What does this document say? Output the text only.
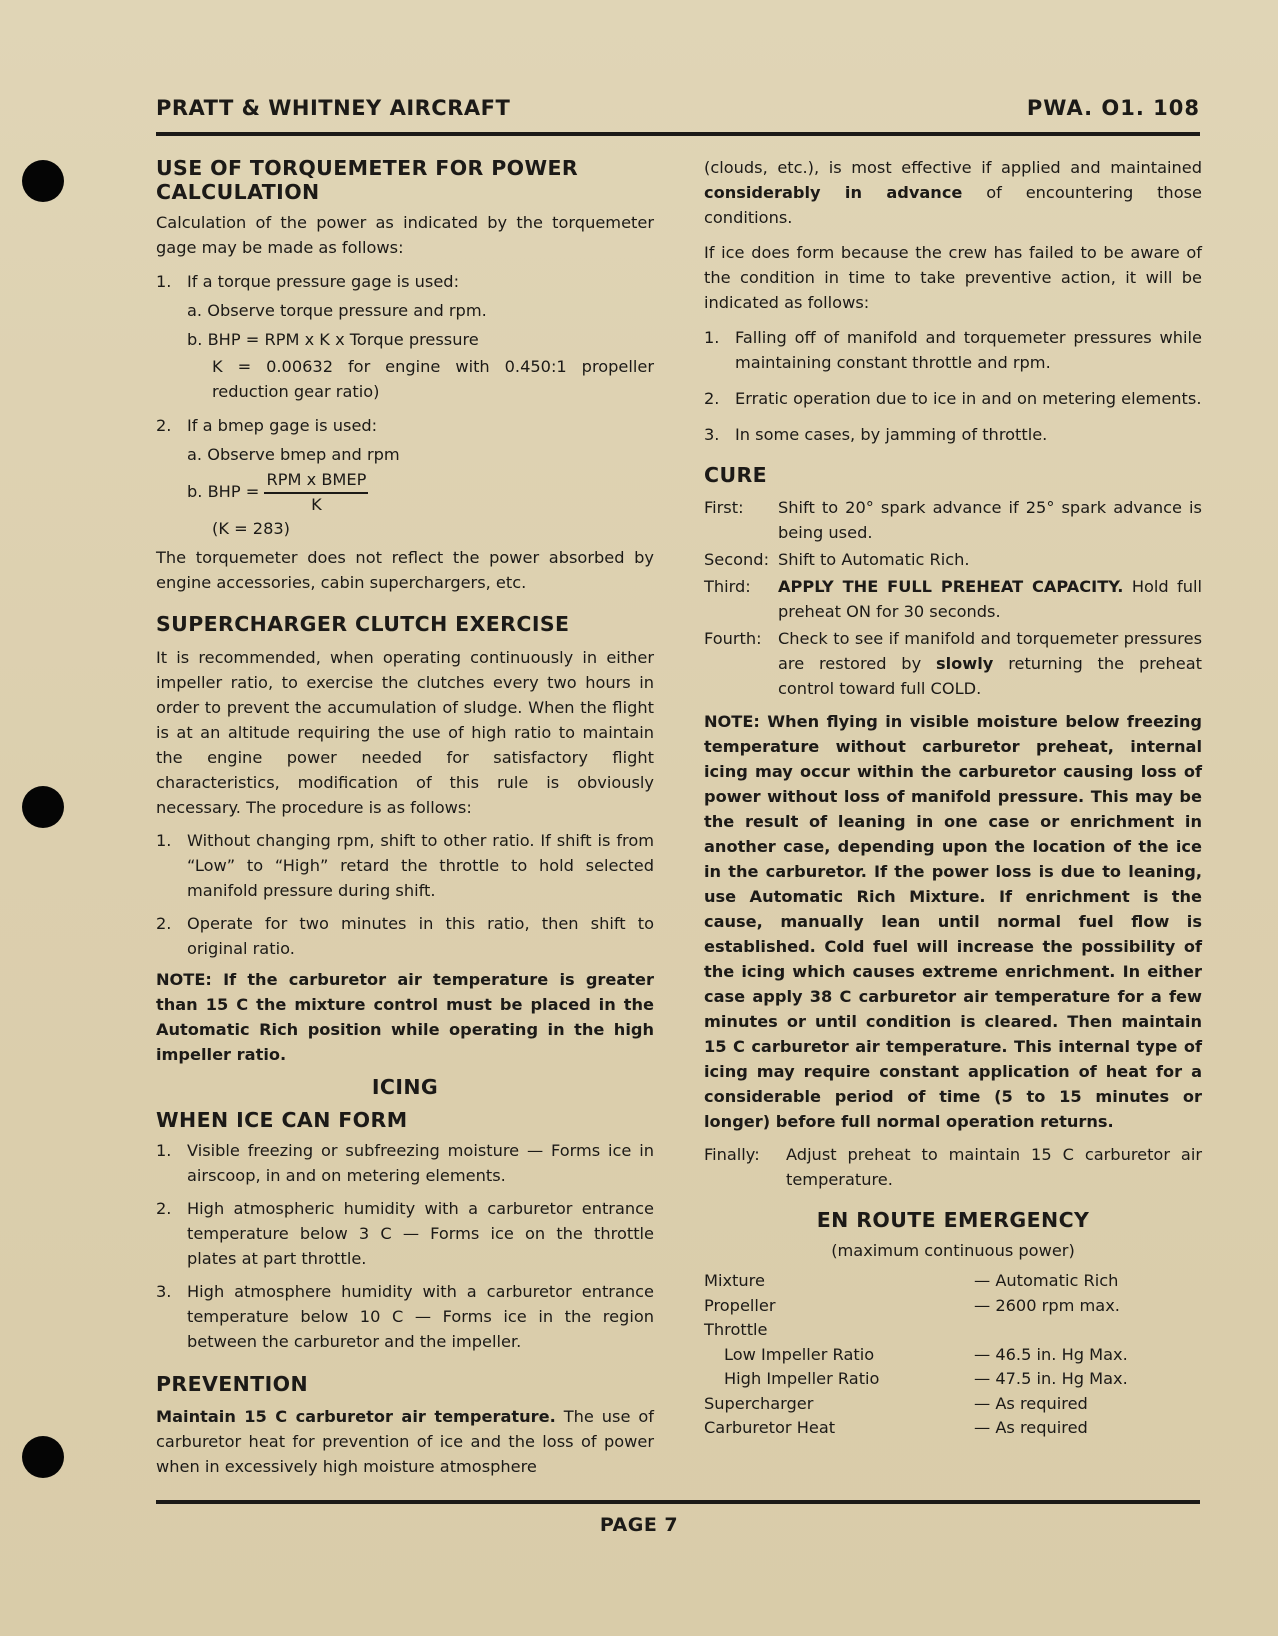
PRATT & WHITNEY AIRCRAFT	PWA. O1. 108
USE OF TORQUEMETER FOR POWER
CALCULATION

Calculation of the power as indicated by the torquemeter gage may be made as follows:

1. If a torque pressure gage is used:
a. Observe torque pressure and rpm.
b. BHP = RPM x K x Torque pressure
K = 0.00632 for engine with 0.450:1 propeller reduction gear ratio)
2. If a bmep gage is used:
a. Observe bmep and rpm
b. BHP = $\frac{\text{RPM x BMEP}}{K}$
(K = 283)

The torquemeter does not reflect the power absorbed by engine accessories, cabin superchargers, etc.

SUPERCHARGER CLUTCH EXERCISE

It is recommended, when operating continuously in either impeller ratio, to exercise the clutches every two hours in order to prevent the accumulation of sludge. When the flight is at an altitude requiring the use of high ratio to maintain the engine power needed for satisfactory flight characteristics, modification of this rule is obviously necessary. The procedure is as follows:

1. Without changing rpm, shift to other ratio. If shift is from “Low” to “High” retard the throttle to hold selected manifold pressure during shift.
2. Operate for two minutes in this ratio, then shift to original ratio.

NOTE: If the carburetor air temperature is greater than 15 C the mixture control must be placed in the Automatic Rich position while operating in the high impeller ratio.

ICING
WHEN ICE CAN FORM
1. Visible freezing or subfreezing moisture — Forms ice in airscoop, in and on metering elements.
2. High atmospheric humidity with a carburetor entrance temperature below 3 C — Forms ice on the throttle plates at part throttle.
3. High atmosphere humidity with a carburetor entrance temperature below 10 C — Forms ice in the region between the carburetor and the impeller.
PREVENTION

Maintain 15 C carburetor air temperature. The use of carburetor heat for prevention of ice and the loss of power when in excessively high moisture atmosphere

(clouds, etc.), is most effective if applied and maintained considerably in advance of encountering those conditions.

If ice does form because the crew has failed to be aware of the condition in time to take preventive action, it will be indicated as follows:

1. Falling off of manifold and torquemeter pressures while maintaining constant throttle and rpm.
2. Erratic operation due to ice in and on metering elements.
3. In some cases, by jamming of throttle.
CURE
First:	Shift to 20° spark advance if 25° spark advance is being used.
Second: Shift to Automatic Rich.
Third:	APPLY THE FULL PREHEAT CAPACITY. Hold full preheat ON for 30 seconds.
Fourth:	Check to see if manifold and torquemeter pressures are restored by slowly returning the preheat control toward full COLD.

NOTE: When flying in visible moisture below freezing temperature without carburetor preheat, internal icing may occur within the carburetor causing loss of power without loss of manifold pressure. This may be the result of leaning in one case or enrichment in another case, depending upon the location of the ice in the carburetor. If the power loss is due to leaning, use Automatic Rich Mixture. If enrichment is the cause, manually lean until normal fuel flow is established. Cold fuel will increase the possibility of the icing which causes extreme enrichment. In either case apply 38 C carburetor air temperature for a few minutes or until condition is cleared. Then maintain 15 C carburetor air temperature. This internal type of icing may require constant application of heat for a considerable period of time (5 to 15 minutes or longer) before full normal operation returns.

Finally:	Adjust preheat to maintain 15 C carburetor air temperature.
EN ROUTE EMERGENCY
(maximum continuous power)
Mixture	— Automatic Rich
Propeller	— 2600 rpm max.
Throttle	
Low Impeller Ratio	— 46.5 in. Hg Max.
High Impeller Ratio	— 47.5 in. Hg Max.
Supercharger	— As required
Carburetor Heat	— As required
PAGE 7
